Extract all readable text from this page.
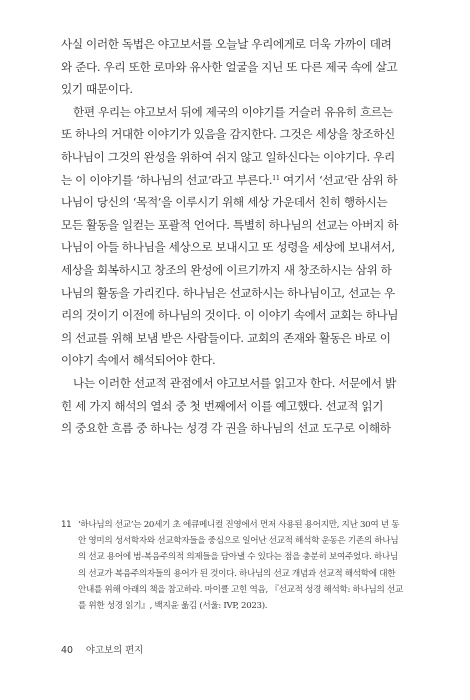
사실 이러한 독법은 야고보서를 오늘날 우리에게로 더욱 가까이 데려
와 준다. 우리 또한 로마와 유사한 얼굴을 지닌 또 다른 제국 속에 살고
있기 때문이다.

한편 우리는 야고보서 뒤에 제국의 이야기를 거슬러 유유히 흐르는
또 하나의 거대한 이야기가 있음을 감지한다. 그것은 세상을 창조하신
하나님이 그것의 완성을 위하여 쉬지 않고 일하신다는 이야기다. 우리
는 이 이야기를 ‘하나님의 선교’라고 부른다.$^{11}$ 여기서 ‘선교’란 삼위 하
나님이 당신의 ‘목적’을 이루시기 위해 세상 가운데서 친히 행하시는
모든 활동을 일컫는 포괄적 언어다. 특별히 하나님의 선교는 아버지 하
나님이 아들 하나님을 세상으로 보내시고 또 성령을 세상에 보내셔서,
세상을 회복하시고 창조의 완성에 이르기까지 새 창조하시는 삼위 하
나님의 활동을 가리킨다. 하나님은 선교하시는 하나님이고, 선교는 우
리의 것이기 이전에 하나님의 것이다. 이 이야기 속에서 교회는 하나님
의 선교를 위해 보냄 받은 사람들이다. 교회의 존재와 활동은 바로 이
이야기 속에서 해석되어야 한다.

나는 이러한 선교적 관점에서 야고보서를 읽고자 한다. 서문에서 밝
힌 세 가지 해석의 열쇠 중 첫 번째에서 이를 예고했다. 선교적 읽기
의 중요한 흐름 중 하나는 성경 각 권을 하나님의 선교 도구로 이해하

11 ‘하나님의 선교’는 20세기 초 에큐메니컬 진영에서 먼저 사용된 용어지만, 지난 30여 년 동
안 영미의 성서학자와 선교학자들을 중심으로 일어난 선교적 해석학 운동은 기존의 하나님
의 선교 용어에 범-복음주의적 의제들을 담아낼 수 있다는 점을 충분히 보여주었다. 하나님
의 선교가 복음주의자들의 용어가 된 것이다. 하나님의 선교 개념과 선교적 해석학에 대한
안내를 위해 아래의 책을 참고하라. 마이클 고힌 역음, 『선교적 성경 해석학: 하나님의 선교
를 위한 성경 읽기』, 백지윤 옮김 (서울: IVP, 2023).
40 야고보의 편지
